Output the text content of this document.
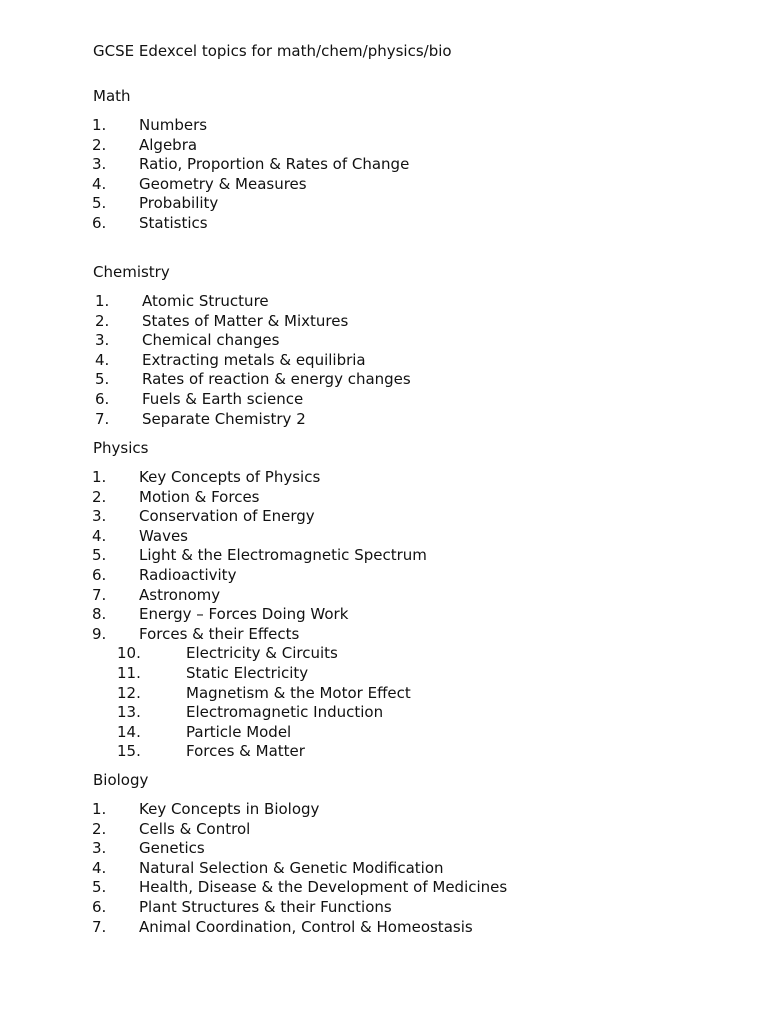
GCSE Edexcel topics for math/chem/physics/bio
Math
1.	Numbers
2.	Algebra
3.	Ratio, Proportion & Rates of Change
4.	Geometry & Measures
5.	Probability
6.	Statistics
Chemistry
1.	Atomic Structure
2.	States of Matter & Mixtures
3.	Chemical changes
4.	Extracting metals & equilibria
5.	Rates of reaction & energy changes
6.	Fuels & Earth science
7.	Separate Chemistry 2
Physics
1.	Key Concepts of Physics
2.	Motion & Forces
3.	Conservation of Energy
4.	Waves
5.	Light & the Electromagnetic Spectrum
6.	Radioactivity
7.	Astronomy
8.	Energy – Forces Doing Work
9.	Forces & their Effects
10.	Electricity & Circuits
11.	Static Electricity
12.	Magnetism & the Motor Effect
13.	Electromagnetic Induction
14.	Particle Model
15.	Forces & Matter
Biology
1.	Key Concepts in Biology
2.	Cells & Control
3.	Genetics
4.	Natural Selection & Genetic Modification
5.	Health, Disease & the Development of Medicines
6.	Plant Structures & their Functions
7.	Animal Coordination, Control & Homeostasis
